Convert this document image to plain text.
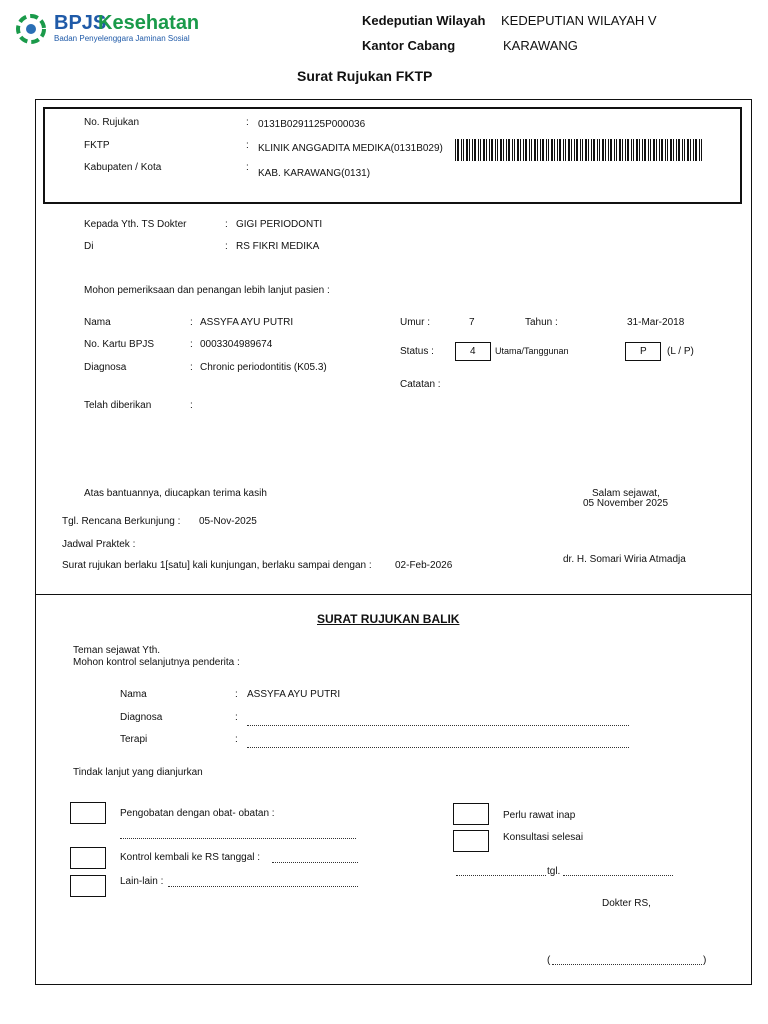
BPJS
Kesehatan
Badan Penyelenggara Jaminan Sosial
Kedeputian Wilayah KEDEPUTIAN WILAYAH V
Kantor Cabang	KARAWANG
Surat Rujukan FKTP
No. Rujukan	: 0131B0291125P000036
FKTP	: KLINIK ANGGADITA MEDIKA(0131B029)
Kabupaten / Kota	:
KAB. KARAWANG(0131)
Kepada Yth. TS Dokter	: GIGI PERIODONTI
Di	: RS FIKRI MEDIKA
Mohon pemeriksaan dan penangan lebih lanjut pasien :
Nama	: ASSYFA AYU PUTRI
No. Kartu BPJS	: 0003304989674
Diagnosa	: Chronic periodontitis (K05.3)
Telah diberikan	:
Umur :	7	Tahun :	31-Mar-2018
Status :	4 Utama/Tanggunan	P (L / P)
Catatan :
Atas bantuannya, diucapkan terima kasih	Salam sejawat,
05 November 2025
Tgl. Rencana Berkunjung : 05-Nov-2025
Jadwal Praktek :
Surat rujukan berlaku 1[satu] kali kunjungan, berlaku sampai dengan : 02-Feb-2026
dr. H. Somari Wiria Atmadja
SURAT RUJUKAN BALIK
Teman sejawat Yth.
Mohon kontrol selanjutnya penderita :
Nama	: ASSYFA AYU PUTRI
Diagnosa	:
Terapi	:
Tindak lanjut yang dianjurkan
Pengobatan dengan obat- obatan :
Kontrol kembali ke RS tanggal :
Lain-lain :
Perlu rawat inap
Konsultasi selesai
tgl.
Dokter RS,
(	)
